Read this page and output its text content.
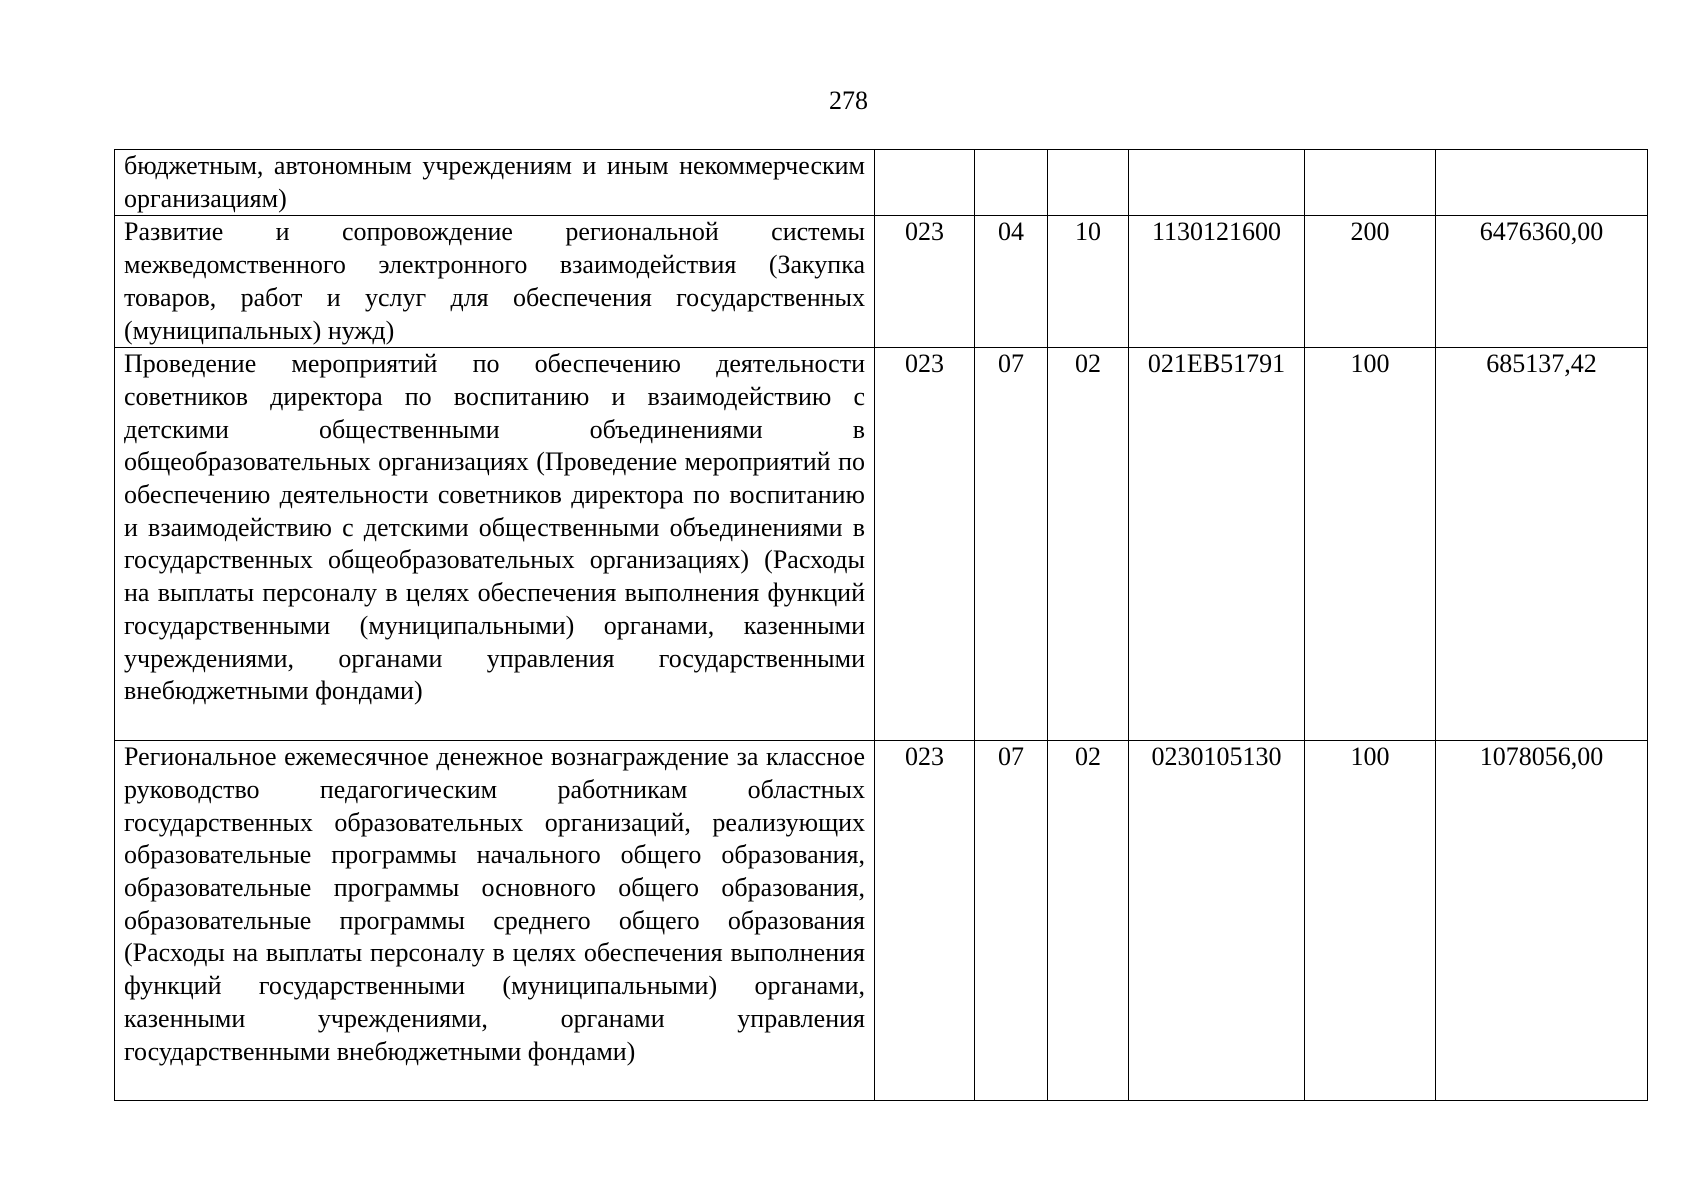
278
бюджетным, автономным учреждениям и иным некоммерческим организациям)						
Развитие и сопровождение региональной системы межведомственного электронного взаимодействия (Закупка товаров, работ и услуг для обеспечения государственных (муниципальных) нужд)	023	04	10	1130121600	200	6476360,00
Проведение мероприятий по обеспечению деятельности советников директора по воспитанию и взаимодействию с детскими общественными объединениями в общеобразовательных организациях (Проведение мероприятий по обеспечению деятельности советников директора по воспитанию и взаимодействию с детскими общественными объединениями в государственных общеобразовательных организациях) (Расходы на выплаты персоналу в целях обеспечения выполнения функций государственными (муниципальными) органами, казенными учреждениями, органами управления государственными внебюджетными фондами)	023	07	02	021ЕВ51791	100	685137,42
Региональное ежемесячное денежное вознаграждение за классное руководство педагогическим работникам областных государственных образовательных организаций, реализующих образовательные программы начального общего образования, образовательные программы основного общего образования, образовательные программы среднего общего образования (Расходы на выплаты персоналу в целях обеспечения выполнения функций государственными (муниципальными) органами, казенными учреждениями, органами управления государственными внебюджетными фондами)	023	07	02	0230105130	100	1078056,00
